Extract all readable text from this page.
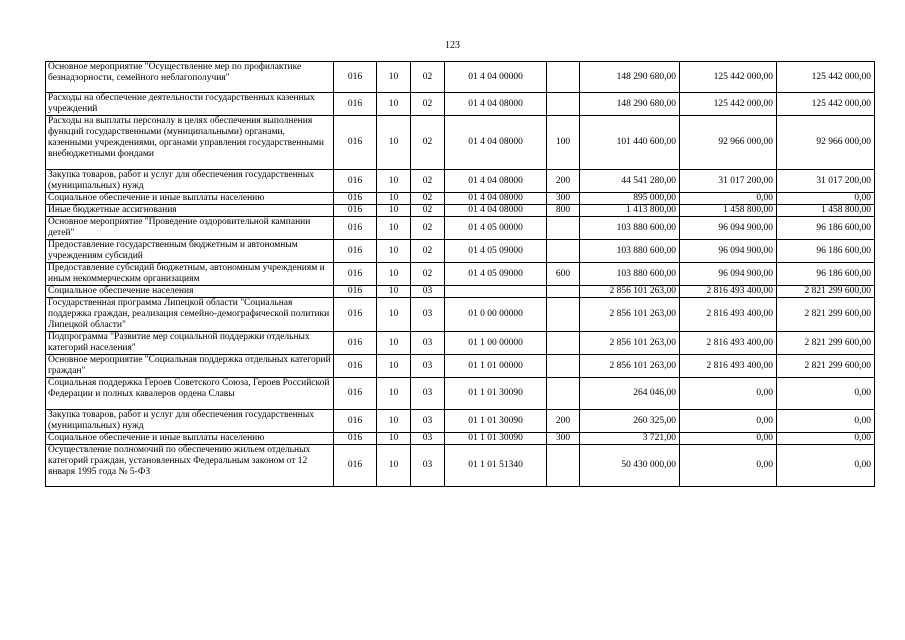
123
Основное мероприятие "Осуществление мер по профилактике безнадзорности, семейного неблагополучия"	016	10	02	01 4 04 00000		148 290 680,00	125 442 000,00	125 442 000,00
Расходы на обеспечение деятельности государственных казенных учреждений	016	10	02	01 4 04 08000		148 290 680,00	125 442 000,00	125 442 000,00
Расходы на выплаты персоналу в целях обеспечения выполнения функций государственными (муниципальными) органами, казенными учреждениями, органами управления государственными внебюджетными фондами	016	10	02	01 4 04 08000	100	101 440 600,00	92 966 000,00	92 966 000,00
Закупка товаров, работ и услуг для обеспечения государственных (муниципальных) нужд	016	10	02	01 4 04 08000	200	44 541 280,00	31 017 200,00	31 017 200,00
Социальное обеспечение и иные выплаты населению	016	10	02	01 4 04 08000	300	895 000,00	0,00	0,00
Иные бюджетные ассигнования	016	10	02	01 4 04 08000	800	1 413 800,00	1 458 800,00	1 458 800,00
Основное мероприятие "Проведение оздоровительной кампании детей"	016	10	02	01 4 05 00000		103 880 600,00	96 094 900,00	96 186 600,00
Предоставление государственным бюджетным и автономным учреждениям субсидий	016	10	02	01 4 05 09000		103 880 600,00	96 094 900,00	96 186 600,00
Предоставление субсидий бюджетным, автономным учреждениям и иным некоммерческим организациям	016	10	02	01 4 05 09000	600	103 880 600,00	96 094 900,00	96 186 600,00
Социальное обеспечение населения	016	10	03			2 856 101 263,00	2 816 493 400,00	2 821 299 600,00
Государственная программа Липецкой области "Социальная поддержка граждан, реализация семейно-демографической политики Липецкой области"	016	10	03	01 0 00 00000		2 856 101 263,00	2 816 493 400,00	2 821 299 600,00
Подпрограмма "Развитие мер социальной поддержки отдельных категорий населения"	016	10	03	01 1 00 00000		2 856 101 263,00	2 816 493 400,00	2 821 299 600,00
Основное мероприятие "Социальная поддержка отдельных категорий граждан"	016	10	03	01 1 01 00000		2 856 101 263,00	2 816 493 400,00	2 821 299 600,00
Социальная поддержка Героев Советского Союза, Героев Российской Федерации и полных кавалеров ордена Славы	016	10	03	01 1 01 30090		264 046,00	0,00	0,00
Закупка товаров, работ и услуг для обеспечения государственных (муниципальных) нужд	016	10	03	01 1 01 30090	200	260 325,00	0,00	0,00
Социальное обеспечение и иные выплаты населению	016	10	03	01 1 01 30090	300	3 721,00	0,00	0,00
Осуществление полномочий по обеспечению жильем отдельных категорий граждан, установленных Федеральным законом от 12 января 1995 года № 5-ФЗ	016	10	03	01 1 01 51340		50 430 000,00	0,00	0,00
